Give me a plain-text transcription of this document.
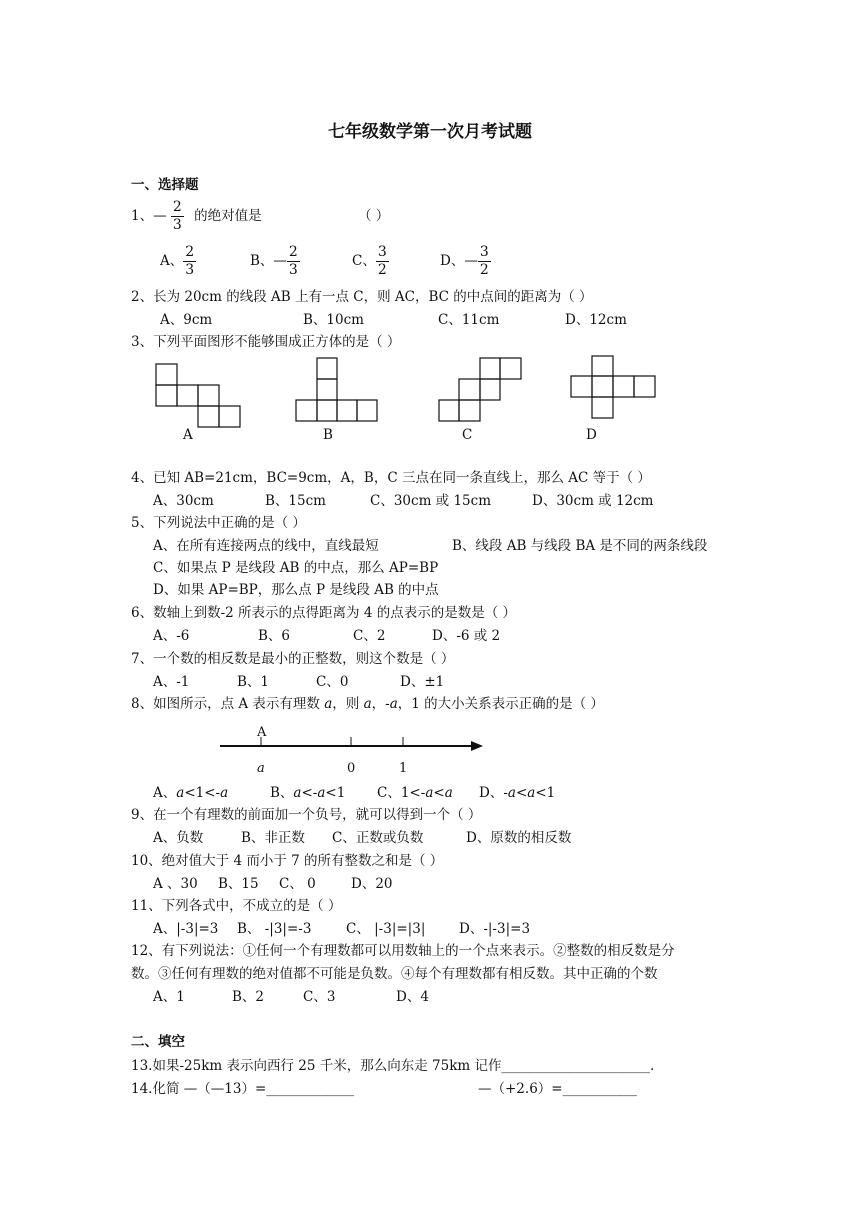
七年级数学第一次月考试题
一、选择题
1、— $\frac{2}{3}$ 的绝对值是	（ ）
A、 $\frac{2}{3}$	B、— $\frac{2}{3}$	C、 $\frac{3}{2}$	D、— $\frac{3}{2}$
2、长为 20cm 的线段 AB 上有一点 C，则 AC，BC 的中点间的距离为（ ）
A、9cm	B、10cm	C、11cm	D、12cm
3、下列平面图形不能够围成正方体的是（ ）
A	B	C	D
4、已知 AB=21cm，BC=9cm，A，B，C 三点在同一条直线上，那么 AC 等于（ ）
A、30cm	B、15cm	C、30cm 或 15cm	D、30cm 或 12cm
5、下列说法中正确的是（ ）
A、在所有连接两点的线中，直线最短	B、线段 AB 与线段 BA 是不同的两条线段
C、如果点 P 是线段 AB 的中点，那么 AP=BP
D、如果 AP=BP，那么点 P 是线段 AB 的中点
6、数轴上到数-2 所表示的点得距离为 4 的点表示的是数是（ ）
A、-6	B、6	C、2	D、-6 或 2
7、一个数的相反数是最小的正整数，则这个数是（ ）
A、-1	B、1	C、0	D、±1
8、如图所示，点 A 表示有理数 a，则 a，-a，1 的大小关系表示正确的是（ ）
A
a	0	1
A、a<1<-a	B、a<-a<1 C、1<-a<a D、-a<a<1
9、在一个有理数的前面加一个负号，就可以得到一个（ ）
A、负数	B、非正数 C、正数或负数	D、原数的相反数
10、绝对值大于 4 而小于 7 的所有整数之和是（ ）
A 、30 B、15 C、 0	D、20
11、下列各式中，不成立的是（ ）
A、|-3|=3 B、 -|3|=-3	C、 |-3|=|3| D、-|-3|=3
12、有下列说法：①任何一个有理数都可以用数轴上的一个点来表示。②整数的相反数是分
数。③任何有理数的绝对值都不可能是负数。④每个有理数都有相反数。其中正确的个数
A、1	B、2	C、3	D、4
二、填空
13.如果-25km 表示向西行 25 千米，那么向东走 75km 记作______________________.
14.化简 —（—13）=_____________	—（+2.6）=___________
